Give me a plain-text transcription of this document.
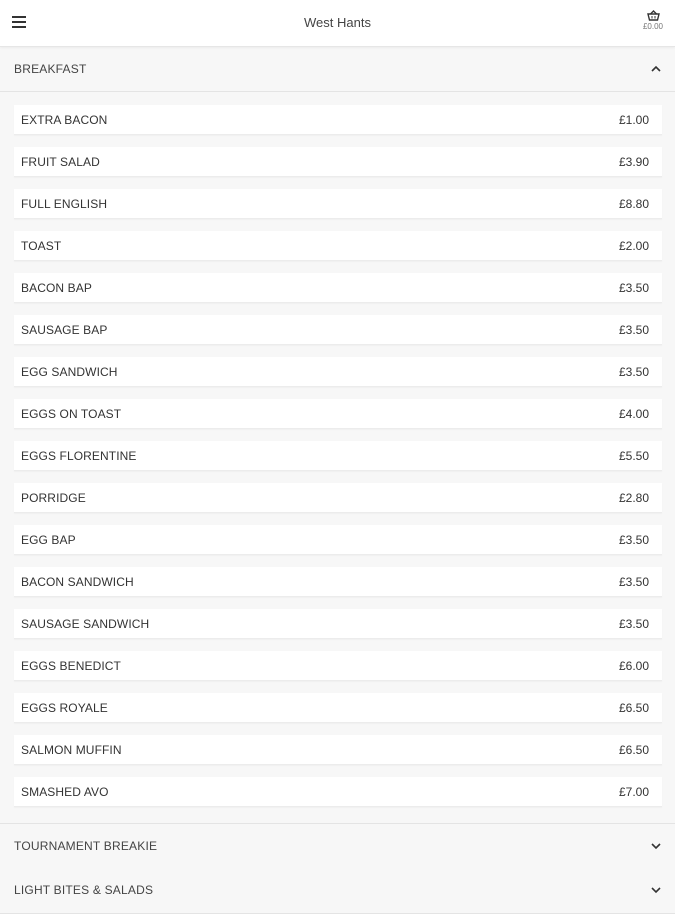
West Hants	£0.00
BREAKFAST
EXTRA BACON	£1.00
FRUIT SALAD	£3.90
FULL ENGLISH	£8.80
TOAST	£2.00
BACON BAP	£3.50
SAUSAGE BAP	£3.50
EGG SANDWICH	£3.50
EGGS ON TOAST	£4.00
EGGS FLORENTINE	£5.50
PORRIDGE	£2.80
EGG BAP	£3.50
BACON SANDWICH	£3.50
SAUSAGE SANDWICH	£3.50
EGGS BENEDICT	£6.00
EGGS ROYALE	£6.50
SALMON MUFFIN	£6.50
SMASHED AVO	£7.00
TOURNAMENT BREAKIE
LIGHT BITES & SALADS
